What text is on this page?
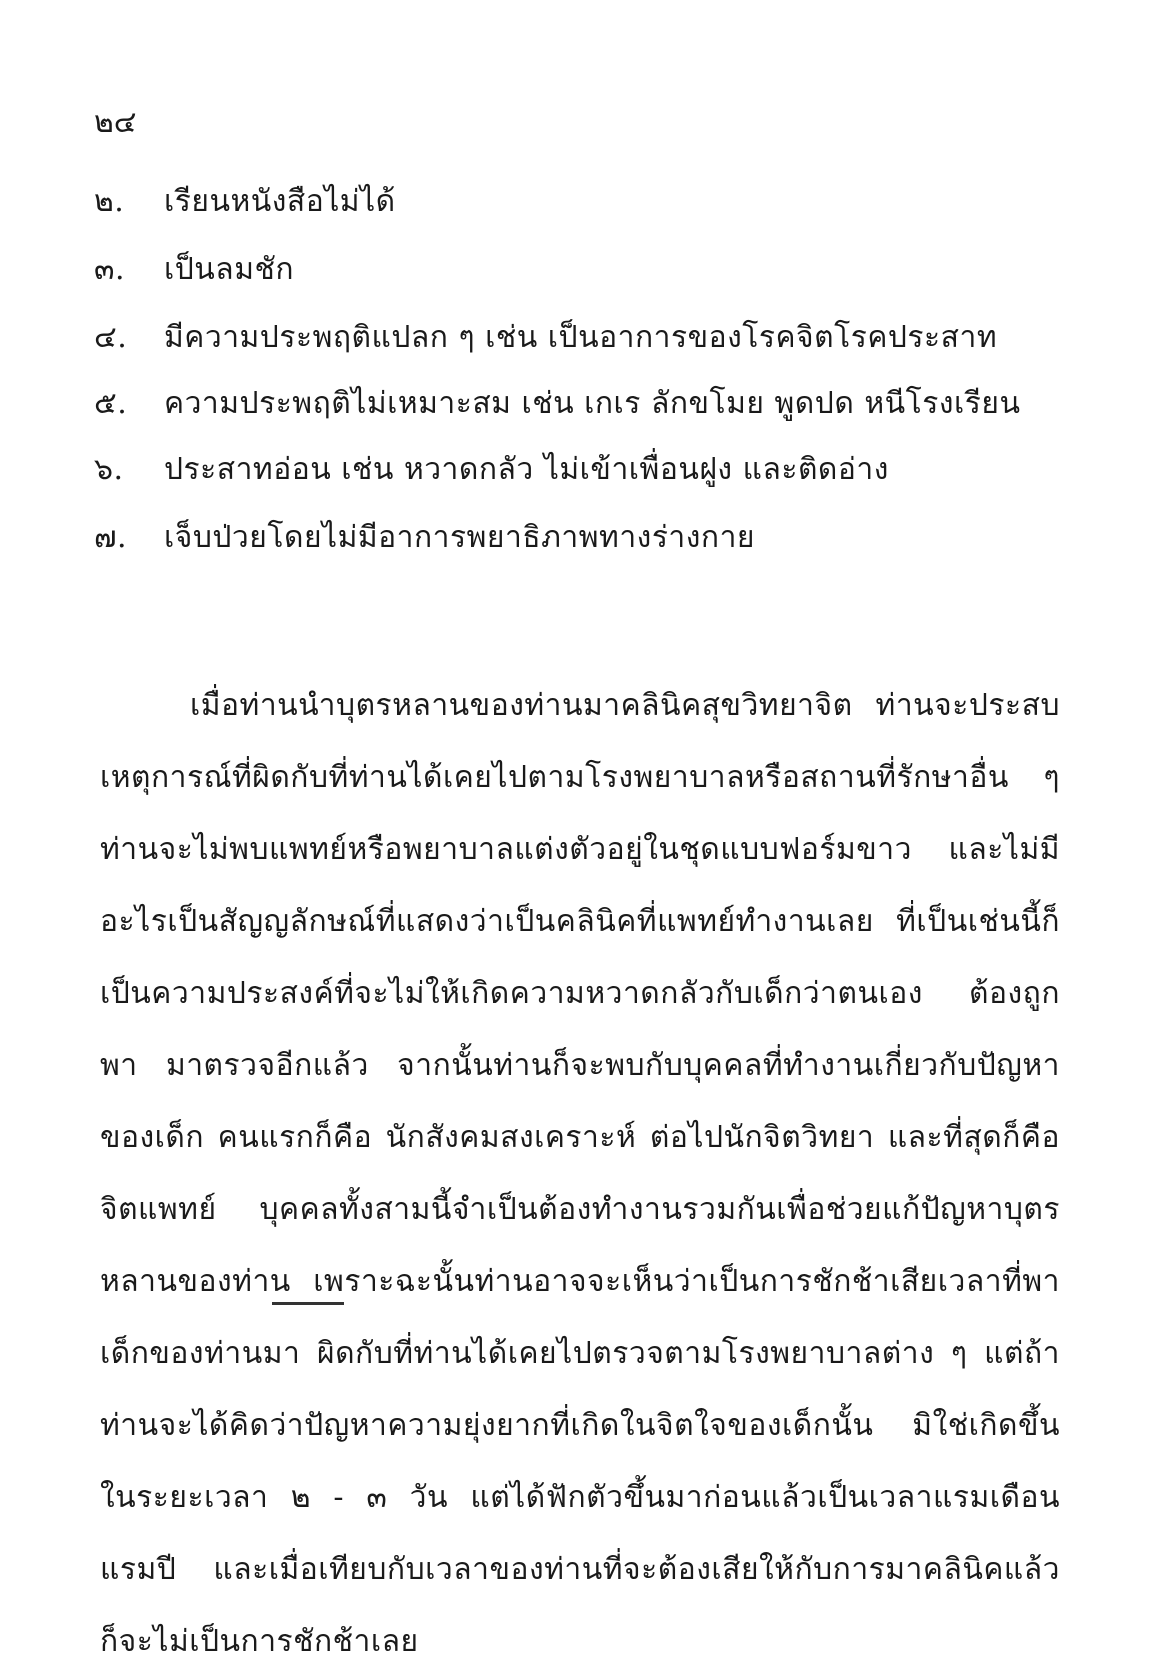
๒๔
๒. เรียนหนังสือไม่ได้
๓. เป็นลมชัก
๔. มีความประพฤติแปลก ๆ เช่น เป็นอาการของโรคจิตโรคประสาท
๕. ความประพฤติไม่เหมาะสม เช่น เกเร ลักขโมย พูดปด หนีโรงเรียน
๖. ประสาทอ่อน เช่น หวาดกลัว ไม่เข้าเพื่อนฝูง และติดอ่าง
๗. เจ็บป่วยโดยไม่มีอาการพยาธิภาพทางร่างกาย
เมื่อท่านนำบุตรหลานของท่านมาคลินิคสุขวิทยาจิต ท่านจะประสบเหตุการณ์ที่ผิดกับที่ท่านได้เคยไปตามโรงพยาบาลหรือสถานที่รักษาอื่น ๆ ท่านจะไม่พบแพทย์หรือพยาบาลแต่งตัวอยู่ในชุดแบบฟอร์มขาว และไม่มีอะไรเป็นสัญญลักษณ์ที่แสดงว่าเป็นคลินิคที่แพทย์ทำงานเลย ที่เป็นเช่นนี้ก็เป็นความประสงค์ที่จะไม่ให้เกิดความหวาดกลัวกับเด็กว่าตนเอง ต้องถูกพา มาตรวจอีกแล้ว จากนั้นท่านก็จะพบกับบุคคลที่ทำงานเกี่ยวกับปัญหาของเด็ก คนแรกก็คือ นักสังคมสงเคราะห์ ต่อไปนักจิตวิทยา และที่สุดก็คือจิตแพทย์ บุคคลทั้งสามนี้จำเป็นต้องทำงานรวมกันเพื่อช่วยแก้ปัญหาบุตรหลานของท่าน เพราะฉะนั้นท่านอาจจะเห็นว่าเป็นการชักช้าเสียเวลาที่พาเด็กของท่านมา ผิดกับที่ท่านได้เคยไปตรวจตามโรงพยาบาลต่าง ๆ แต่ถ้าท่านจะได้คิดว่าปัญหาความยุ่งยากที่เกิดในจิตใจของเด็กนั้น มิใช่เกิดขึ้นในระยะเวลา ๒ - ๓ วัน แต่ได้ฟักตัวขึ้นมาก่อนแล้วเป็นเวลาแรมเดือน แรมปี และเมื่อเทียบกับเวลาของท่านที่จะต้องเสียให้กับการมาคลินิคแล้ว ก็จะไม่เป็นการชักช้าเลย
